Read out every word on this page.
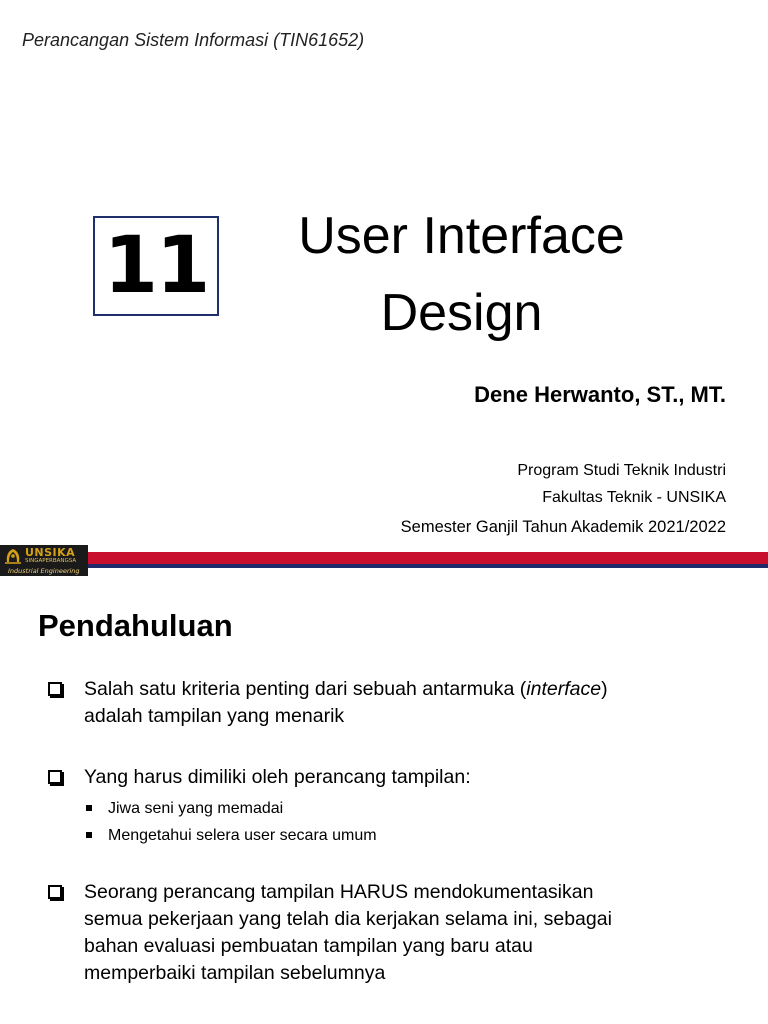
Perancangan Sistem Informasi (TIN61652)
11	User Interface
Design
Dene Herwanto, ST., MT.
Program Studi Teknik Industri
Fakultas Teknik - UNSIKA
Semester Ganjil Tahun Akademik 2021/2022
UNSIKA
SINGAPERBANGSA
Industrial Engineering
Pendahuluan
Salah satu kriteria penting dari sebuah antarmuka (interface)
adalah tampilan yang menarik
Yang harus dimiliki oleh perancang tampilan:
Jiwa seni yang memadai
Mengetahui selera user secara umum
Seorang perancang tampilan HARUS mendokumentasikan
semua pekerjaan yang telah dia kerjakan selama ini, sebagai
bahan evaluasi pembuatan tampilan yang baru atau
memperbaiki tampilan sebelumnya
